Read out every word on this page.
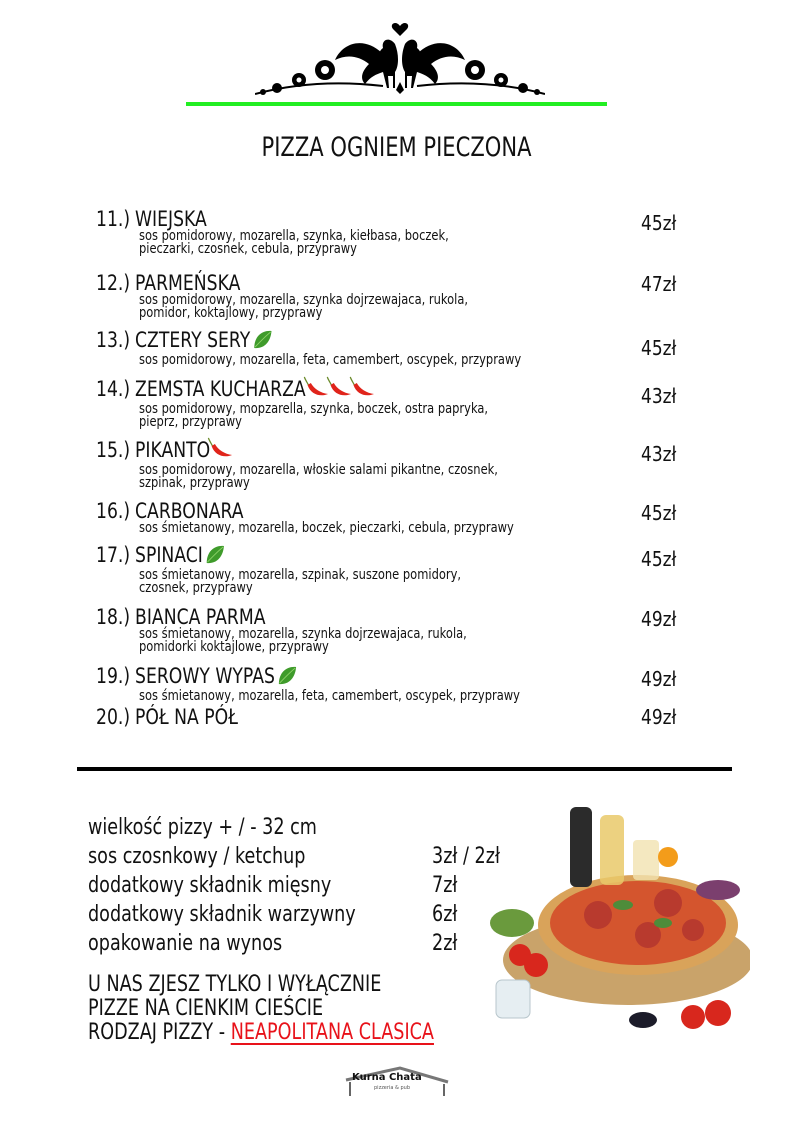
PIZZA OGNIEM PIECZONA
11.) WIEJSKA
sos pomidorowy, mozarella, szynka, kiełbasa, boczek,
pieczarki, czosnek, cebula, przyprawy
45zł
12.) PARMEŃSKA
sos pomidorowy, mozarella, szynka dojrzewajaca, rukola,
pomidor, koktajlowy, przyprawy
47zł
13.) CZTERY SERY
sos pomidorowy, mozarella, feta, camembert, oscypek, przyprawy	45zł
14.) ZEMSTA KUCHARZA
sos pomidorowy, mopzarella, szynka, boczek, ostra papryka,
pieprz, przyprawy
43zł
15.) PIKANTO
sos pomidorowy, mozarella, włoskie salami pikantne, czosnek,
szpinak, przyprawy
43zł
16.) CARBONARA
sos śmietanowy, mozarella, boczek, pieczarki, cebula, przyprawy
45zł
17.) SPINACI
sos śmietanowy, mozarella, szpinak, suszone pomidory,
czosnek, przyprawy
45zł
18.) BIANCA PARMA
sos śmietanowy, mozarella, szynka dojrzewajaca, rukola,
pomidorki koktajlowe, przyprawy
49zł
19.) SEROWY WYPAS
sos śmietanowy, mozarella, feta, camembert, oscypek, przyprawy
49zł
20.) PÓŁ NA PÓŁ	49zł
wielkość pizzy + / - 32 cm
sos czosnkowy / ketchup	3zł / 2zł
dodatkowy składnik mięsny	7zł
dodatkowy składnik warzywny	6zł
opakowanie na wynos	2zł
U NAS ZJESZ TYLKO I WYŁĄCZNIE
PIZZE NA CIENKIM CIEŚCIE
RODZAJ PIZZY - NEAPOLITANA CLASICA
Kurna Chata
pizzeria & pub
